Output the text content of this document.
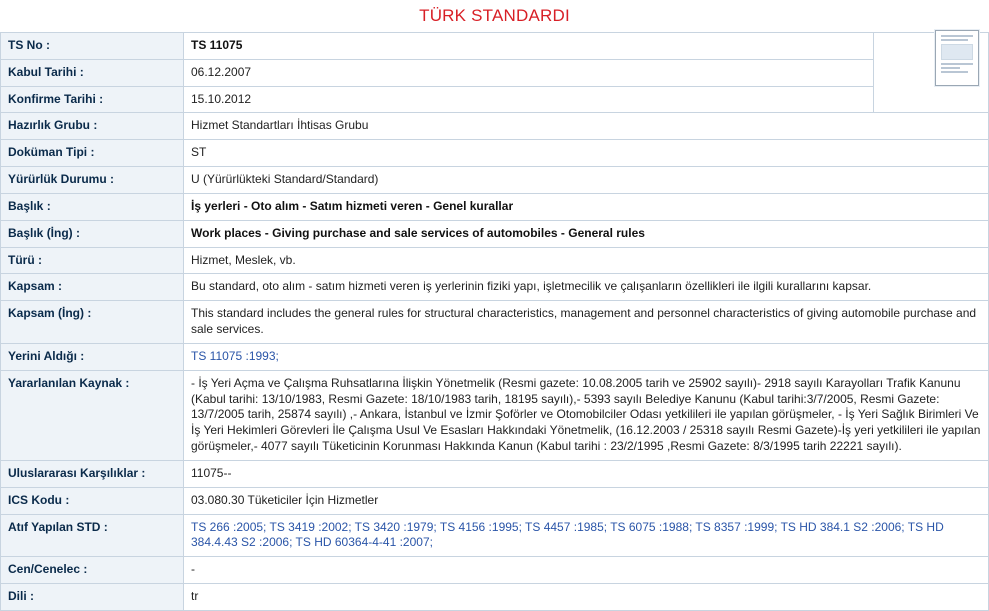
TÜRK STANDARDI
TS No :	TS 11075	
Kabul Tarihi :	06.12.2007	
Konfirme Tarihi :	15.10.2012	
Hazırlık Grubu :	Hizmet Standartları İhtisas Grubu	
Doküman Tipi :	ST	
Yürürlük Durumu :	U (Yürürlükteki Standard/Standard)	
Başlık :	İş yerleri - Oto alım - Satım hizmeti veren - Genel kurallar	
Başlık (İng) :	Work places - Giving purchase and sale services of automobiles - General rules	
Türü :	Hizmet, Meslek, vb.	
Kapsam :	Bu standard, oto alım - satım hizmeti veren iş yerlerinin fiziki yapı, işletmecilik ve çalışanların özellikleri ile ilgili kurallarını kapsar.	
Kapsam (İng) :	This standard includes the general rules for structural characteristics, management and personnel characteristics of giving automobile purchase and sale services.	
Yerini Aldığı :	TS 11075 :1993;	
Yararlanılan Kaynak :	- İş Yeri Açma ve Çalışma Ruhsatlarına İlişkin Yönetmelik (Resmi gazete: 10.08.2005 tarih ve 25902 sayılı)- 2918 sayılı Karayolları Trafik Kanunu (Kabul tarihi: 13/10/1983, Resmi Gazete: 18/10/1983 tarih, 18195 sayılı),- 5393 sayılı Belediye Kanunu (Kabul tarihi:3/7/2005, Resmi Gazete: 13/7/2005 tarih, 25874 sayılı) ,- Ankara, İstanbul ve İzmir Şoförler ve Otomobilciler Odası yetkilileri ile yapılan görüşmeler, - İş Yeri Sağlık Birimleri Ve İş Yeri Hekimleri Görevleri İle Çalışma Usul Ve Esasları Hakkındaki Yönetmelik, (16.12.2003 / 25318 sayılı Resmi Gazete)-İş yeri yetkilileri ile yapılan görüşmeler,- 4077 sayılı Tüketicinin Korunması Hakkında Kanun (Kabul tarihi : 23/2/1995 ,Resmi Gazete: 8/3/1995 tarih 22221 sayılı).	
Uluslararası Karşılıklar :	11075--	
ICS Kodu :	03.080.30 Tüketiciler İçin Hizmetler	
Atıf Yapılan STD :	TS 266 :2005; TS 3419 :2002; TS 3420 :1979; TS 4156 :1995; TS 4457 :1985; TS 6075 :1988; TS 8357 :1999; TS HD 384.1 S2 :2006; TS HD 384.4.43 S2 :2006; TS HD 60364-4-41 :2007;	
Cen/Cenelec :	-	
Dili :	tr	
